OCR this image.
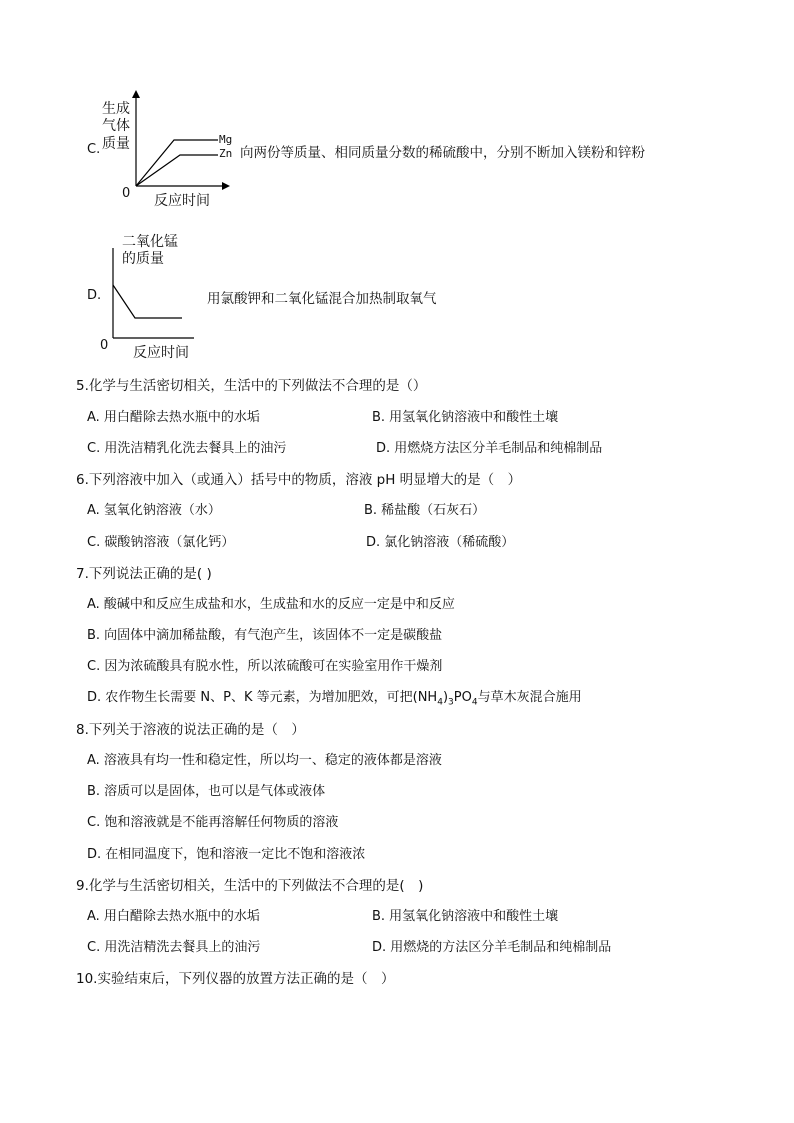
C.
生成
气体
质量
0 反应时间
Mg
Zn 向两份等质量、相同质量分数的稀硫酸中，分别不断加入镁粉和锌粉
D.
二氧化锰
的质量
0 反应时间
用氯酸钾和二氧化锰混合加热制取氧气
5.化学与生活密切相关，生活中的下列做法不合理的是（）
A. 用白醋除去热水瓶中的水垢	B. 用氢氧化钠溶液中和酸性土壤
C. 用洗洁精乳化洗去餐具上的油污	D. 用燃烧方法区分羊毛制品和纯棉制品
6.下列溶液中加入（或通入）括号中的物质，溶液 pH 明显增大的是（　）
A. 氢氧化钠溶液（水）	B. 稀盐酸（石灰石）
C. 碳酸钠溶液（氯化钙）	D. 氯化钠溶液（稀硫酸）
7.下列说法正确的是( )
A. 酸碱中和反应生成盐和水，生成盐和水的反应一定是中和反应
B. 向固体中滴加稀盐酸，有气泡产生，该固体不一定是碳酸盐
C. 因为浓硫酸具有脱水性，所以浓硫酸可在实验室用作干燥剂
D. 农作物生长需要 N、P、K 等元素，为增加肥效，可把$(NH_4)_3PO_4$与草木灰混合施用
8.下列关于溶液的说法正确的是（　）
A. 溶液具有均一性和稳定性，所以均一、稳定的液体都是溶液
B. 溶质可以是固体，也可以是气体或液体
C. 饱和溶液就是不能再溶解任何物质的溶液
D. 在相同温度下，饱和溶液一定比不饱和溶液浓
9.化学与生活密切相关，生活中的下列做法不合理的是(　)
A. 用白醋除去热水瓶中的水垢	B. 用氢氧化钠溶液中和酸性土壤
C. 用洗洁精洗去餐具上的油污	D. 用燃烧的方法区分羊毛制品和纯棉制品
10.实验结束后，下列仪器的放置方法正确的是（　）
